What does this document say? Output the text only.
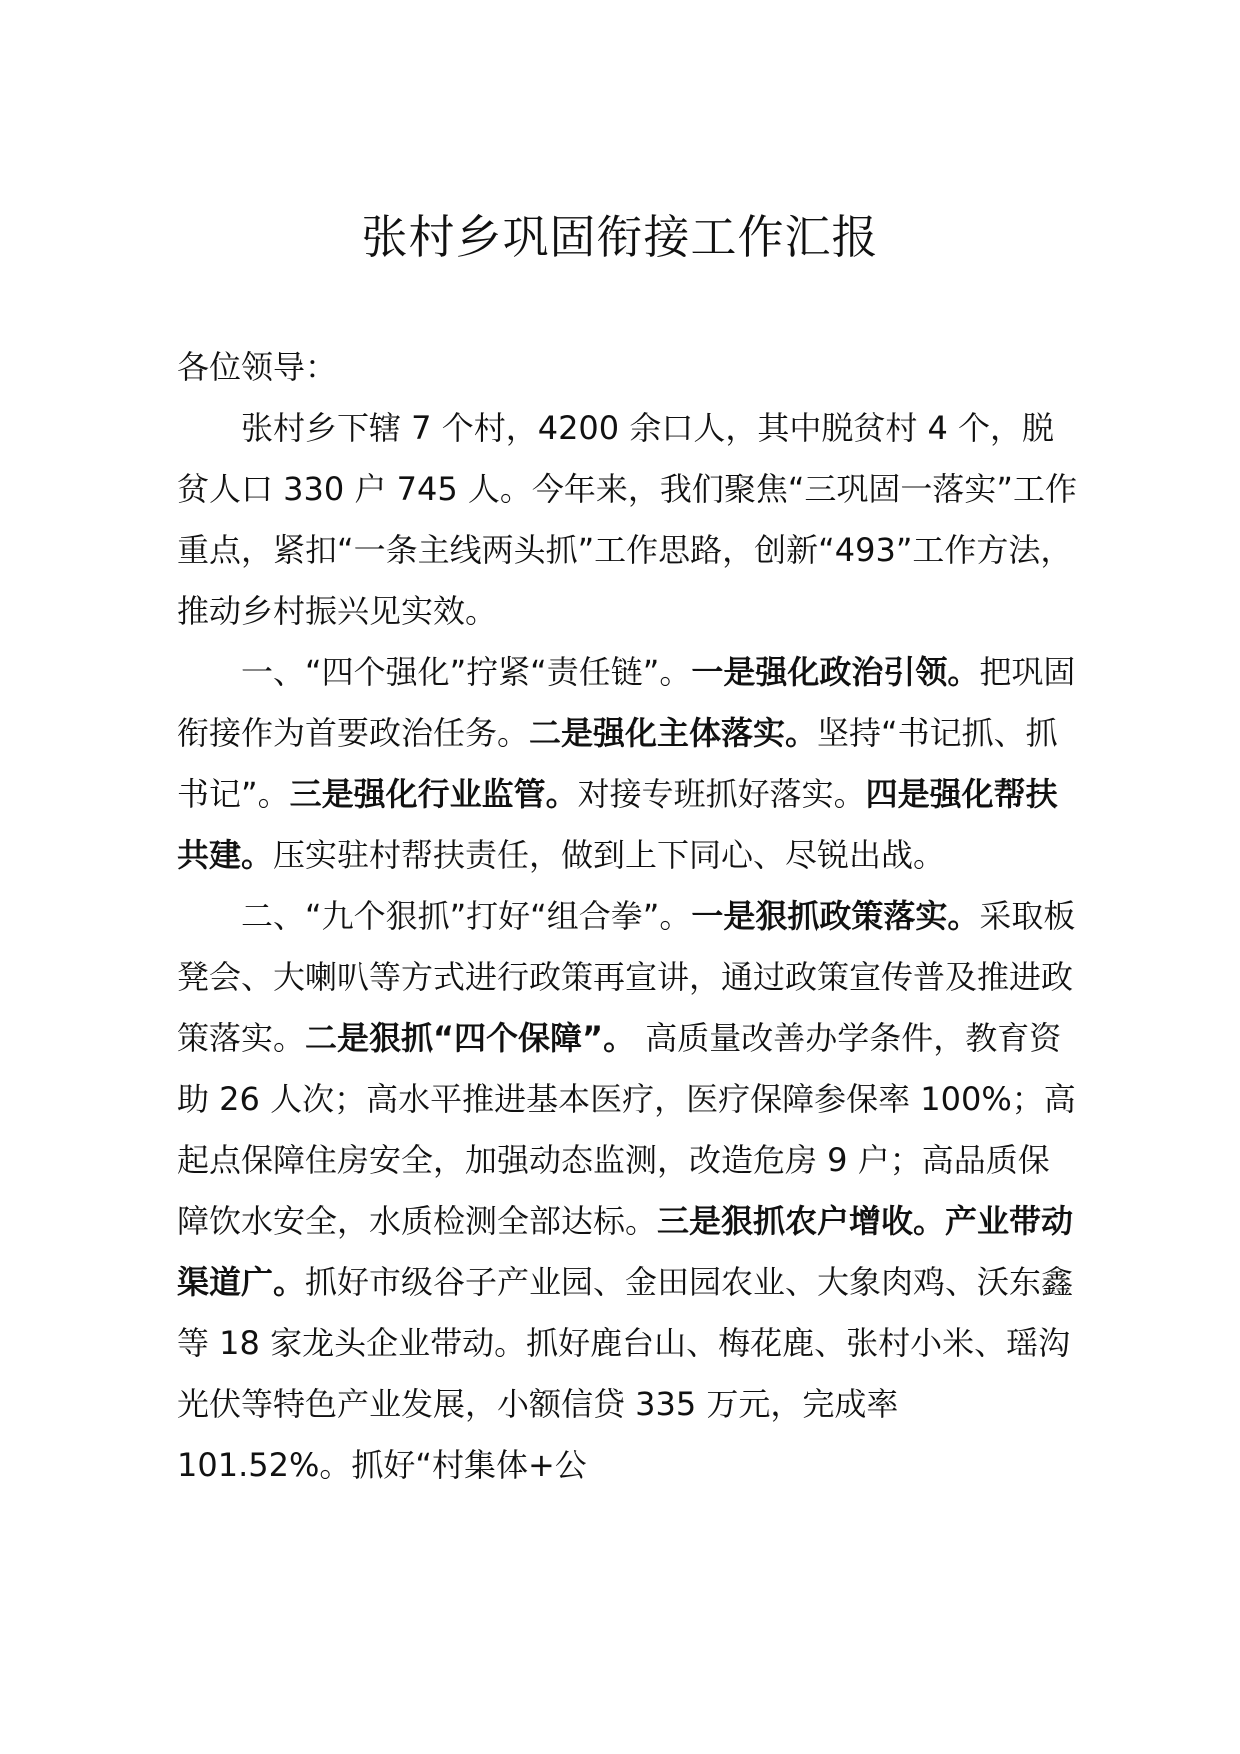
张村乡巩固衔接工作汇报

各位领导：

张村乡下辖 7 个村，4200 余口人，其中脱贫村 4 个，脱贫人口 330 户 745 人。今年来，我们聚焦“三巩固一落实”工作重点，紧扣“一条主线两头抓”工作思路，创新“493”工作方法，推动乡村振兴见实效。

一、“四个强化”拧紧“责任链”。一是强化政治引领。把巩固衔接作为首要政治任务。二是强化主体落实。坚持“书记抓、抓书记”。三是强化行业监管。对接专班抓好落实。四是强化帮扶共建。压实驻村帮扶责任，做到上下同心、尽锐出战。

二、“九个狠抓”打好“组合拳”。一是狠抓政策落实。采取板凳会、大喇叭等方式进行政策再宣讲，通过政策宣传普及推进政策落实。二是狠抓“四个保障”。 高质量改善办学条件，教育资助 26 人次；高水平推进基本医疗，医疗保障参保率 100%；高起点保障住房安全，加强动态监测，改造危房 9 户；高品质保障饮水安全，水质检测全部达标。三是狠抓农户增收。产业带动渠道广。抓好市级谷子产业园、金田园农业、大象肉鸡、沃东鑫等 18 家龙头企业带动。抓好鹿台山、梅花鹿、张村小米、瑶沟光伏等特色产业发展，小额信贷 335 万元，完成率 101.52%。抓好“村集体+公
